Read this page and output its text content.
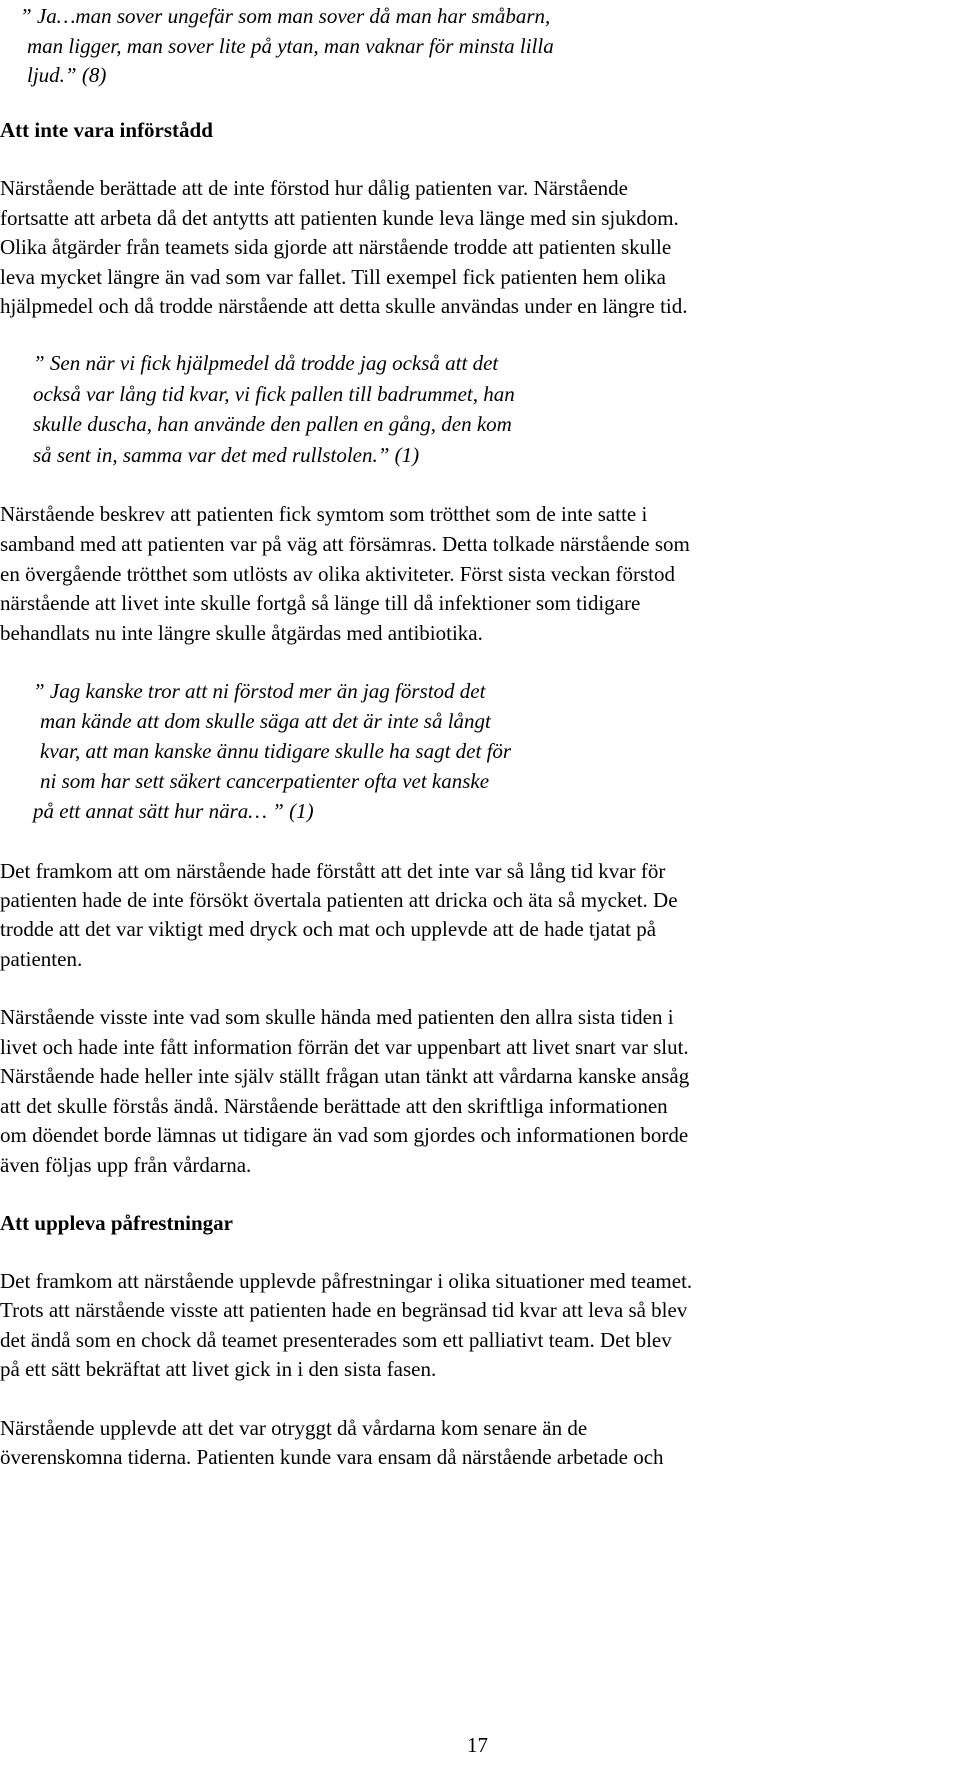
” Ja…man sover ungefär som man sover då man har småbarn,
man ligger, man sover lite på ytan, man vaknar för minsta lilla
ljud.” (8)
Att inte vara införstådd
Närstående berättade att de inte förstod hur dålig patienten var. Närstående
fortsatte att arbeta då det antytts att patienten kunde leva länge med sin sjukdom.
Olika åtgärder från teamets sida gjorde att närstående trodde att patienten skulle
leva mycket längre än vad som var fallet. Till exempel fick patienten hem olika
hjälpmedel och då trodde närstående att detta skulle användas under en längre tid.
” Sen när vi fick hjälpmedel då trodde jag också att det
också var lång tid kvar, vi fick pallen till badrummet, han
skulle duscha, han använde den pallen en gång, den kom
så sent in, samma var det med rullstolen.” (1)
Närstående beskrev att patienten fick symtom som trötthet som de inte satte i
samband med att patienten var på väg att försämras. Detta tolkade närstående som
en övergående trötthet som utlösts av olika aktiviteter. Först sista veckan förstod
närstående att livet inte skulle fortgå så länge till då infektioner som tidigare
behandlats nu inte längre skulle åtgärdas med antibiotika.
” Jag kanske tror att ni förstod mer än jag förstod det
man kände att dom skulle säga att det är inte så långt
kvar, att man kanske ännu tidigare skulle ha sagt det för
ni som har sett säkert cancerpatienter ofta vet kanske
på ett annat sätt hur nära… ” (1)
Det framkom att om närstående hade förstått att det inte var så lång tid kvar för
patienten hade de inte försökt övertala patienten att dricka och äta så mycket. De
trodde att det var viktigt med dryck och mat och upplevde att de hade tjatat på
patienten.
Närstående visste inte vad som skulle hända med patienten den allra sista tiden i
livet och hade inte fått information förrän det var uppenbart att livet snart var slut.
Närstående hade heller inte själv ställt frågan utan tänkt att vårdarna kanske ansåg
att det skulle förstås ändå. Närstående berättade att den skriftliga informationen
om döendet borde lämnas ut tidigare än vad som gjordes och informationen borde
även följas upp från vårdarna.
Att uppleva påfrestningar
Det framkom att närstående upplevde påfrestningar i olika situationer med teamet.
Trots att närstående visste att patienten hade en begränsad tid kvar att leva så blev
det ändå som en chock då teamet presenterades som ett palliativt team. Det blev
på ett sätt bekräftat att livet gick in i den sista fasen.
Närstående upplevde att det var otryggt då vårdarna kom senare än de
överenskomna tiderna. Patienten kunde vara ensam då närstående arbetade och
17
